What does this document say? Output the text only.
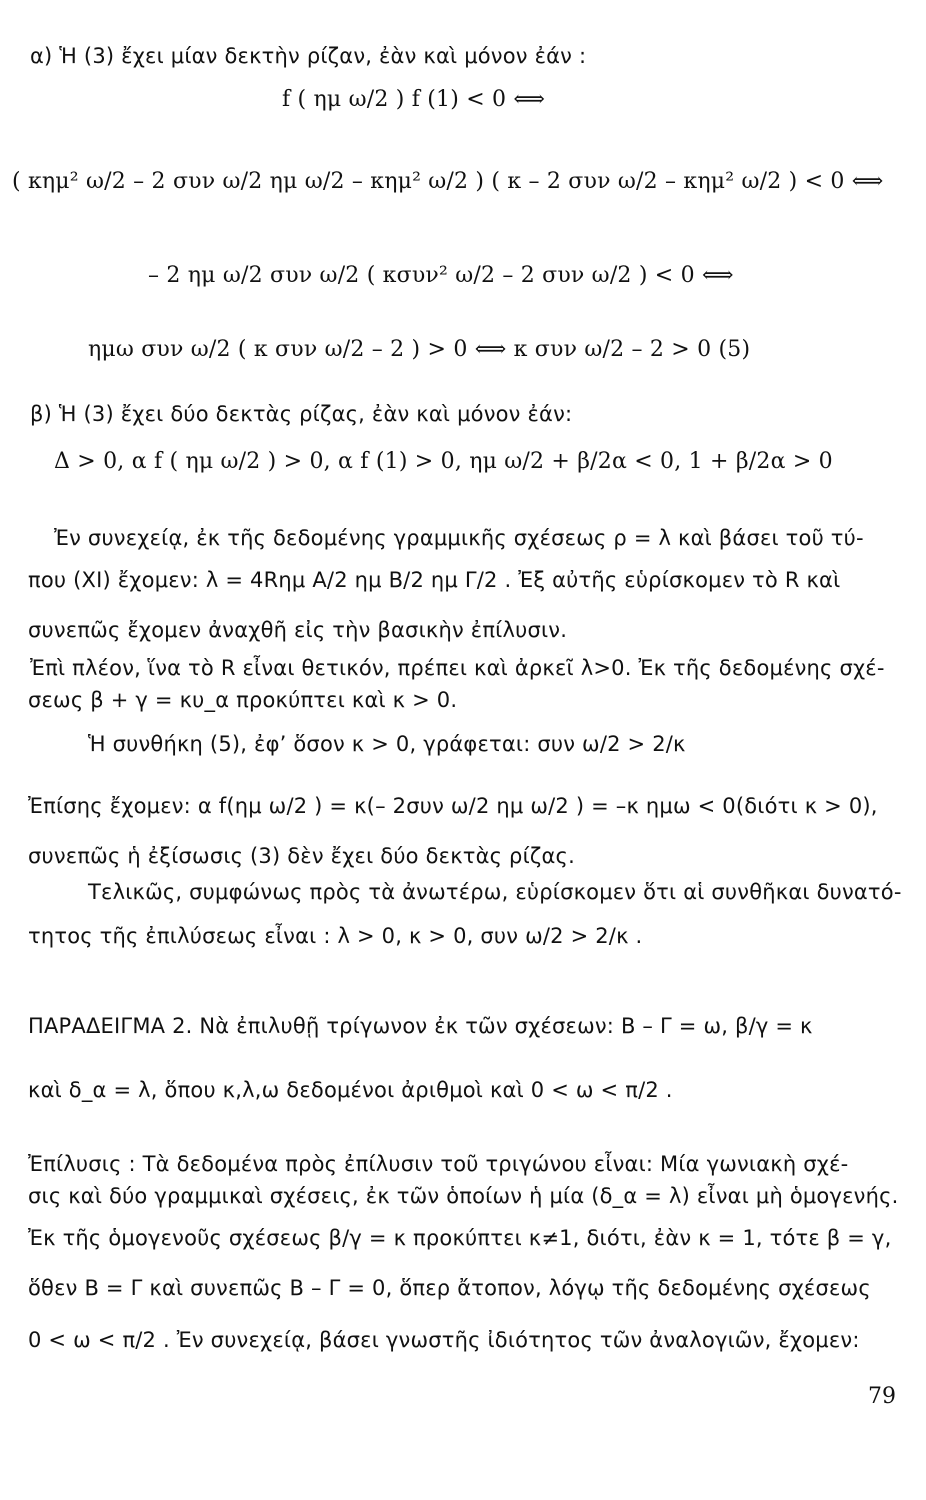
α) Ἡ (3) ἔχει μίαν δεκτὴν ρίζαν, ἐὰν καὶ μόνον ἐάν :
f ( ημ ω/2 ) f (1) < 0 ⟺
( κημ² ω/2 – 2 συν ω/2 ημ ω/2 – κημ² ω/2 ) ( κ – 2 συν ω/2 – κημ² ω/2 ) < 0 ⟺
– 2 ημ ω/2 συν ω/2 ( κσυν² ω/2 – 2 συν ω/2 ) < 0 ⟺
ημω συν ω/2 ( κ συν ω/2 – 2 ) > 0 ⟺ κ συν ω/2 – 2 > 0 (5)
β) Ἡ (3) ἔχει δύο δεκτὰς ρίζας, ἐὰν καὶ μόνον ἐάν:
Δ > 0, α f ( ημ ω/2 ) > 0, α f (1) > 0, ημ ω/2 + β/2α < 0, 1 + β/2α > 0
Ἐν συνεχείᾳ, ἐκ τῆς δεδομένης γραμμικῆς σχέσεως ρ = λ καὶ βάσει τοῦ τύ-
που (ΧΙ) ἔχομεν: λ = 4Rημ Α/2 ημ Β/2 ημ Γ/2 . Ἐξ αὐτῆς εὑρίσκομεν τὸ R καὶ
συνεπῶς ἔχομεν ἀναχθῆ εἰς τὴν βασικὴν ἐπίλυσιν.
Ἐπὶ πλέον, ἵνα τὸ R εἶναι θετικόν, πρέπει καὶ ἀρκεῖ λ>0. Ἐκ τῆς δεδομένης σχέ-
σεως β + γ = κυ_α προκύπτει καὶ κ > 0.
Ἡ συνθήκη (5), ἐφ’ ὅσον κ > 0, γράφεται: συν ω/2 > 2/κ
Ἐπίσης ἔχομεν: α f(ημ ω/2 ) = κ(– 2συν ω/2 ημ ω/2 ) = –κ ημω < 0(διότι κ > 0),
συνεπῶς ἡ ἐξίσωσις (3) δὲν ἔχει δύο δεκτὰς ρίζας.
Τελικῶς, συμφώνως πρὸς τὰ ἀνωτέρω, εὑρίσκομεν ὅτι αἱ συνθῆκαι δυνατό-
τητος τῆς ἐπιλύσεως εἶναι : λ > 0, κ > 0, συν ω/2 > 2/κ .
ΠΑΡΑΔΕΙΓΜΑ 2. Νὰ ἐπιλυθῇ τρίγωνον ἐκ τῶν σχέσεων: Β – Γ = ω, β/γ = κ
καὶ δ_α = λ, ὅπου κ,λ,ω δεδομένοι ἀριθμοὶ καὶ 0 < ω < π/2 .
Ἐπίλυσις : Τὰ δεδομένα πρὸς ἐπίλυσιν τοῦ τριγώνου εἶναι: Μία γωνιακὴ σχέ-
σις καὶ δύο γραμμικαὶ σχέσεις, ἐκ τῶν ὁποίων ἡ μία (δ_α = λ) εἶναι μὴ ὁμογενής.
Ἐκ τῆς ὁμογενοῦς σχέσεως β/γ = κ προκύπτει κ≠1, διότι, ἐὰν κ = 1, τότε β = γ,
ὅθεν Β = Γ καὶ συνεπῶς Β – Γ = 0, ὅπερ ἄτοπον, λόγῳ τῆς δεδομένης σχέσεως
0 < ω < π/2 . Ἐν συνεχείᾳ, βάσει γνωστῆς ἰδιότητος τῶν ἀναλογιῶν, ἔχομεν:
79
